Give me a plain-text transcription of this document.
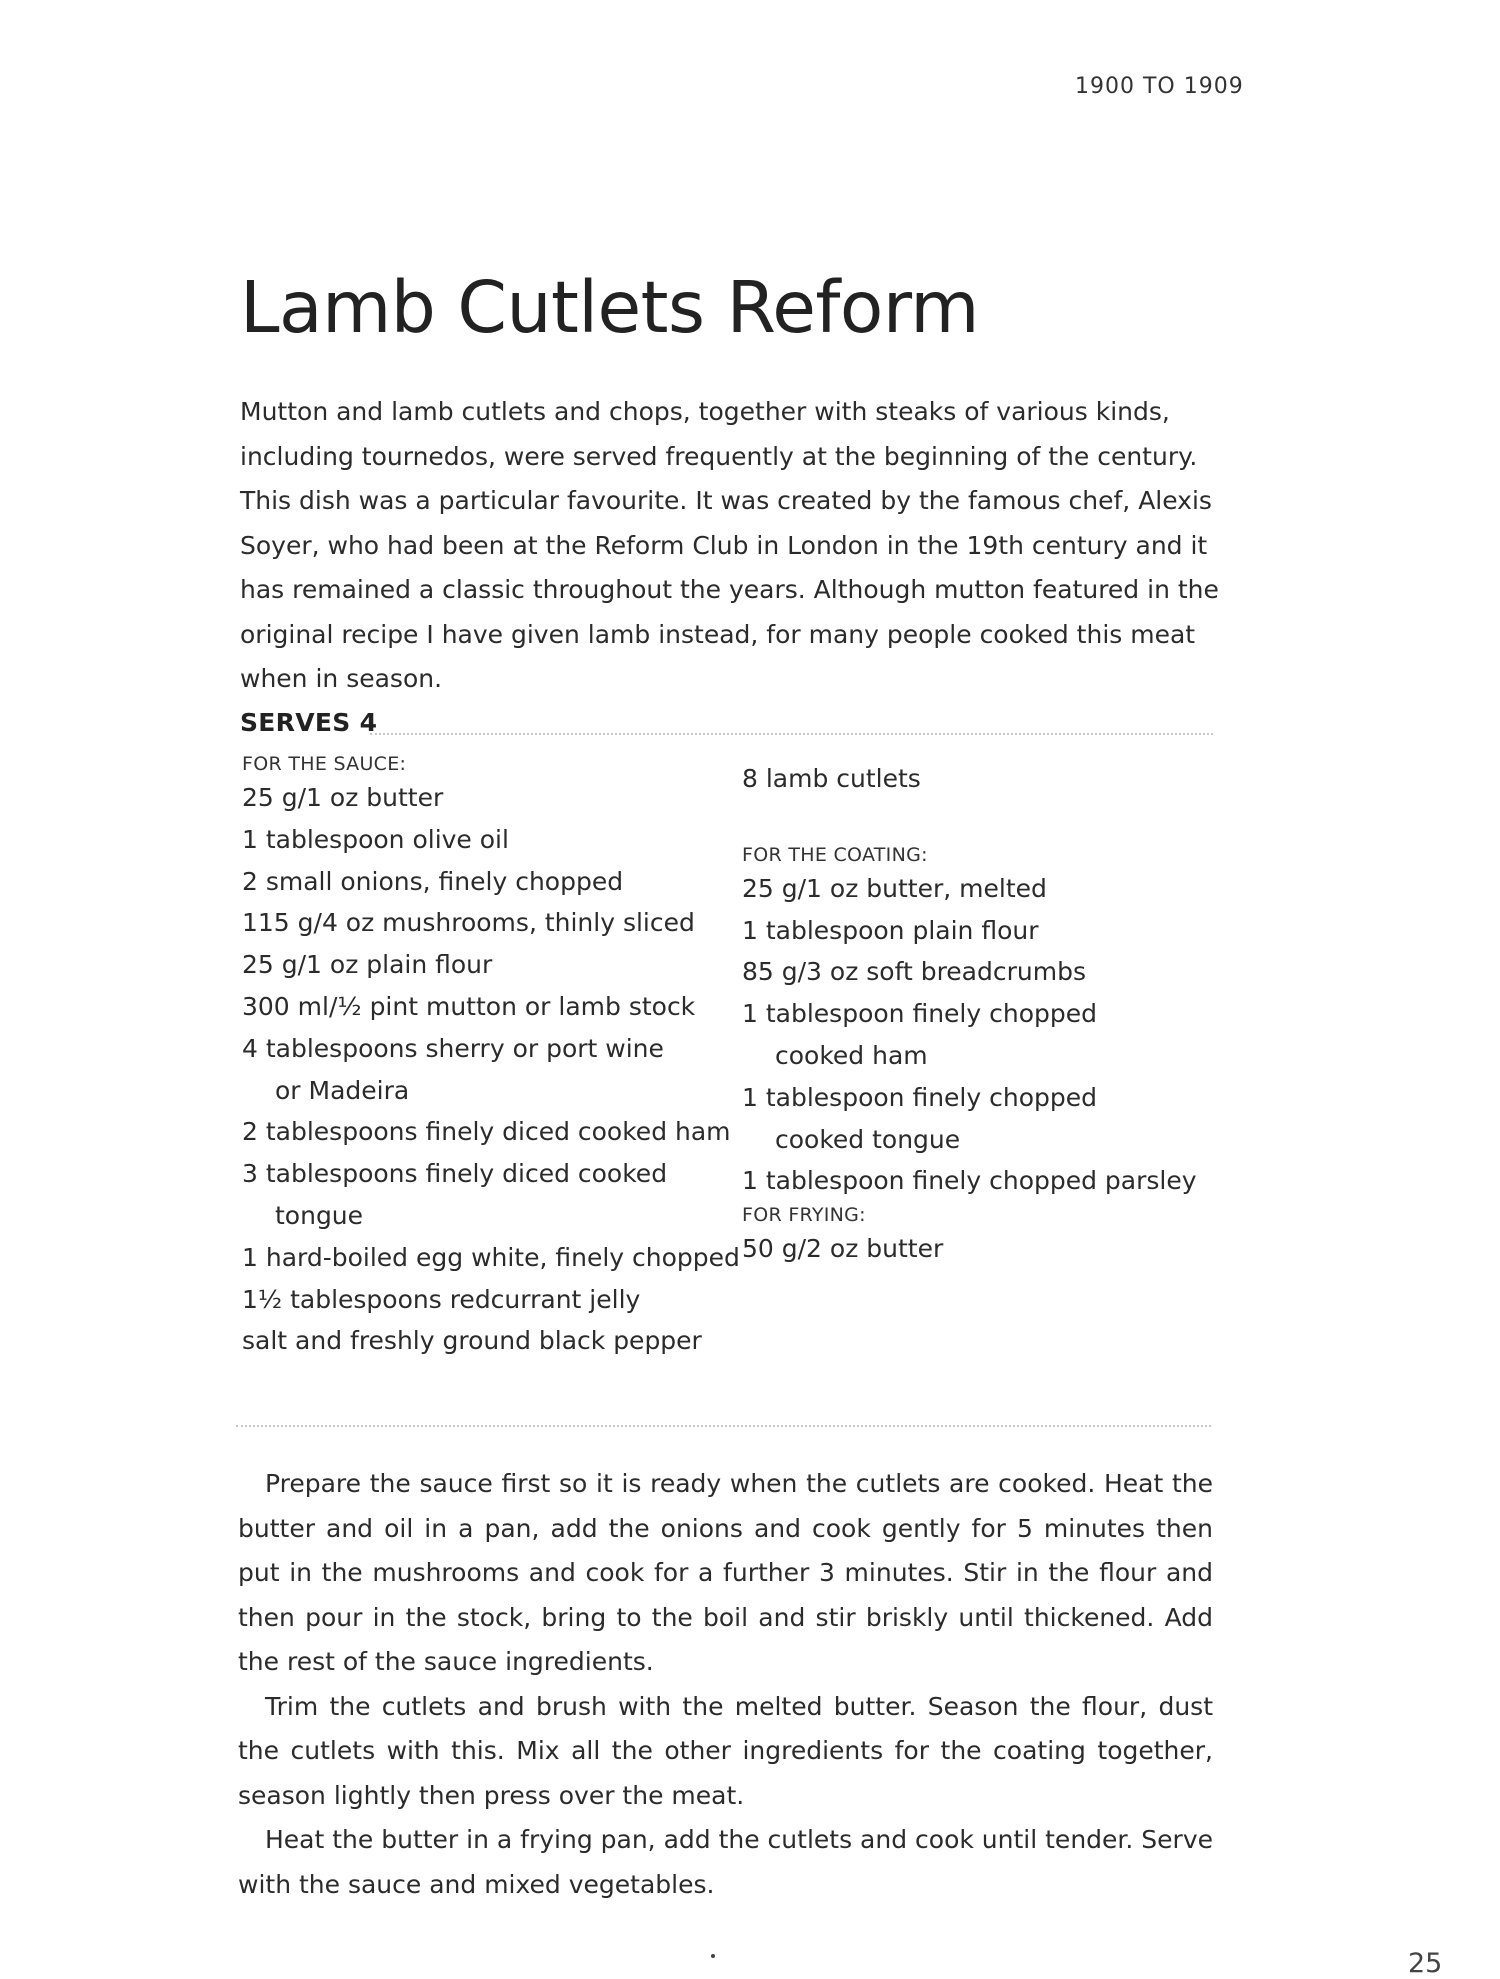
1900 TO 1909
Lamb Cutlets Reform

Mutton and lamb cutlets and chops, together with steaks of various kinds, including tournedos, were served frequently at the beginning of the century. This dish was a particular favourite. It was created by the famous chef, Alexis Soyer, who had been at the Reform Club in London in the 19th century and it has remained a classic throughout the years. Although mutton featured in the original recipe I have given lamb instead, for many people cooked this meat when in season.

SERVES 4
FOR THE SAUCE:
25 g/1 oz butter
1 tablespoon olive oil
2 small onions, finely chopped
115 g/4 oz mushrooms, thinly sliced
25 g/1 oz plain flour
300 ml/½ pint mutton or lamb stock
4 tablespoons sherry or port wine
or Madeira
2 tablespoons finely diced cooked ham
3 tablespoons finely diced cooked
tongue
1 hard-boiled egg white, finely chopped
1½ tablespoons redcurrant jelly
salt and freshly ground black pepper
8 lamb cutlets
FOR THE COATING:
25 g/1 oz butter, melted
1 tablespoon plain flour
85 g/3 oz soft breadcrumbs
1 tablespoon finely chopped
cooked ham
1 tablespoon finely chopped
cooked tongue
1 tablespoon finely chopped parsley
FOR FRYING:
50 g/2 oz butter

Prepare the sauce first so it is ready when the cutlets are cooked. Heat the butter and oil in a pan, add the onions and cook gently for 5 minutes then put in the mushrooms and cook for a further 3 minutes. Stir in the flour and then pour in the stock, bring to the boil and stir briskly until thickened. Add the rest of the sauce ingredients.

Trim the cutlets and brush with the melted butter. Season the flour, dust the cutlets with this. Mix all the other ingredients for the coating together, season lightly then press over the meat.

Heat the butter in a frying pan, add the cutlets and cook until tender. Serve with the sauce and mixed vegetables.

25
